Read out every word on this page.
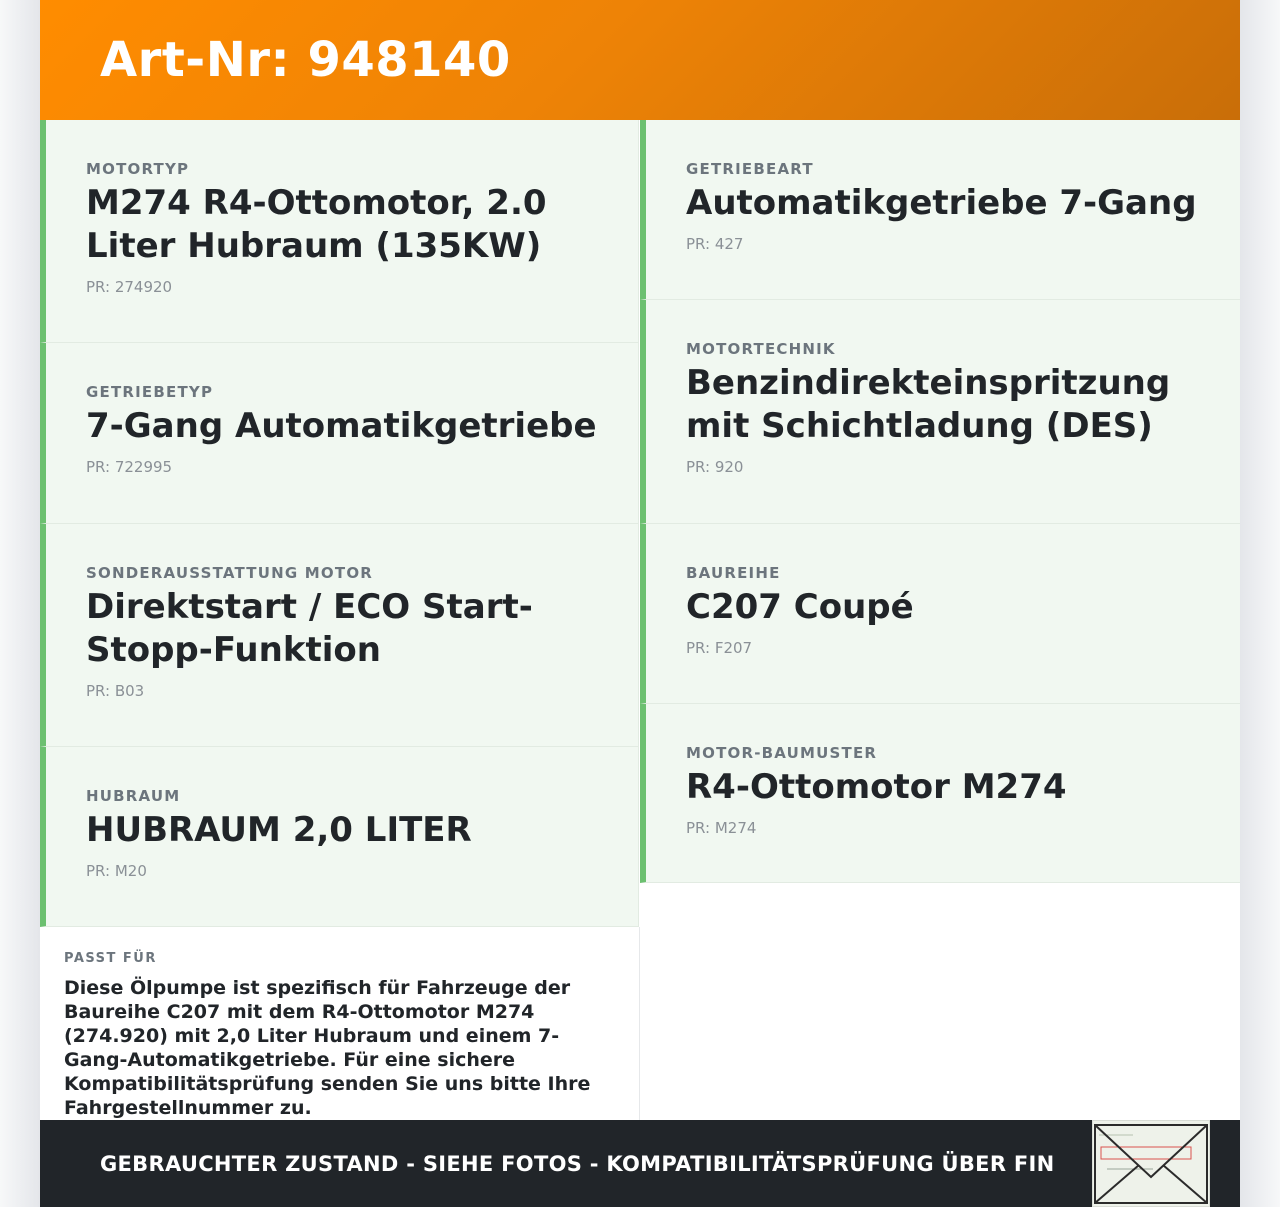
Art-Nr: 948140
MOTORTYP
M274 R4-Ottomotor, 2.0 Liter Hubraum (135KW)
PR: 274920
GETRIEBETYP
7-Gang Automatikgetriebe
PR: 722995
SONDERAUSSTATTUNG MOTOR
Direktstart / ECO Start-Stopp-Funktion
PR: B03
HUBRAUM
HUBRAUM 2,0 LITER
PR: M20
GETRIEBEART
Automatikgetriebe 7-Gang
PR: 427
MOTORTECHNIK
Benzindirekteinspritzung mit Schichtladung (DES)
PR: 920
BAUREIHE
C207 Coupé
PR: F207
MOTOR-BAUMUSTER
R4-Ottomotor M274
PR: M274
PASST FÜR
Diese Ölpumpe ist spezifisch für Fahrzeuge der Baureihe C207 mit dem R4-Ottomotor M274 (274.920) mit 2,0 Liter Hubraum und einem 7-Gang-Automatikgetriebe. Für eine sichere Kompatibilitätsprüfung senden Sie uns bitte Ihre Fahrgestellnummer zu.
GEBRAUCHTER ZUSTAND - SIEHE FOTOS - KOMPATIBILITÄTSPRÜFUNG ÜBER FIN
